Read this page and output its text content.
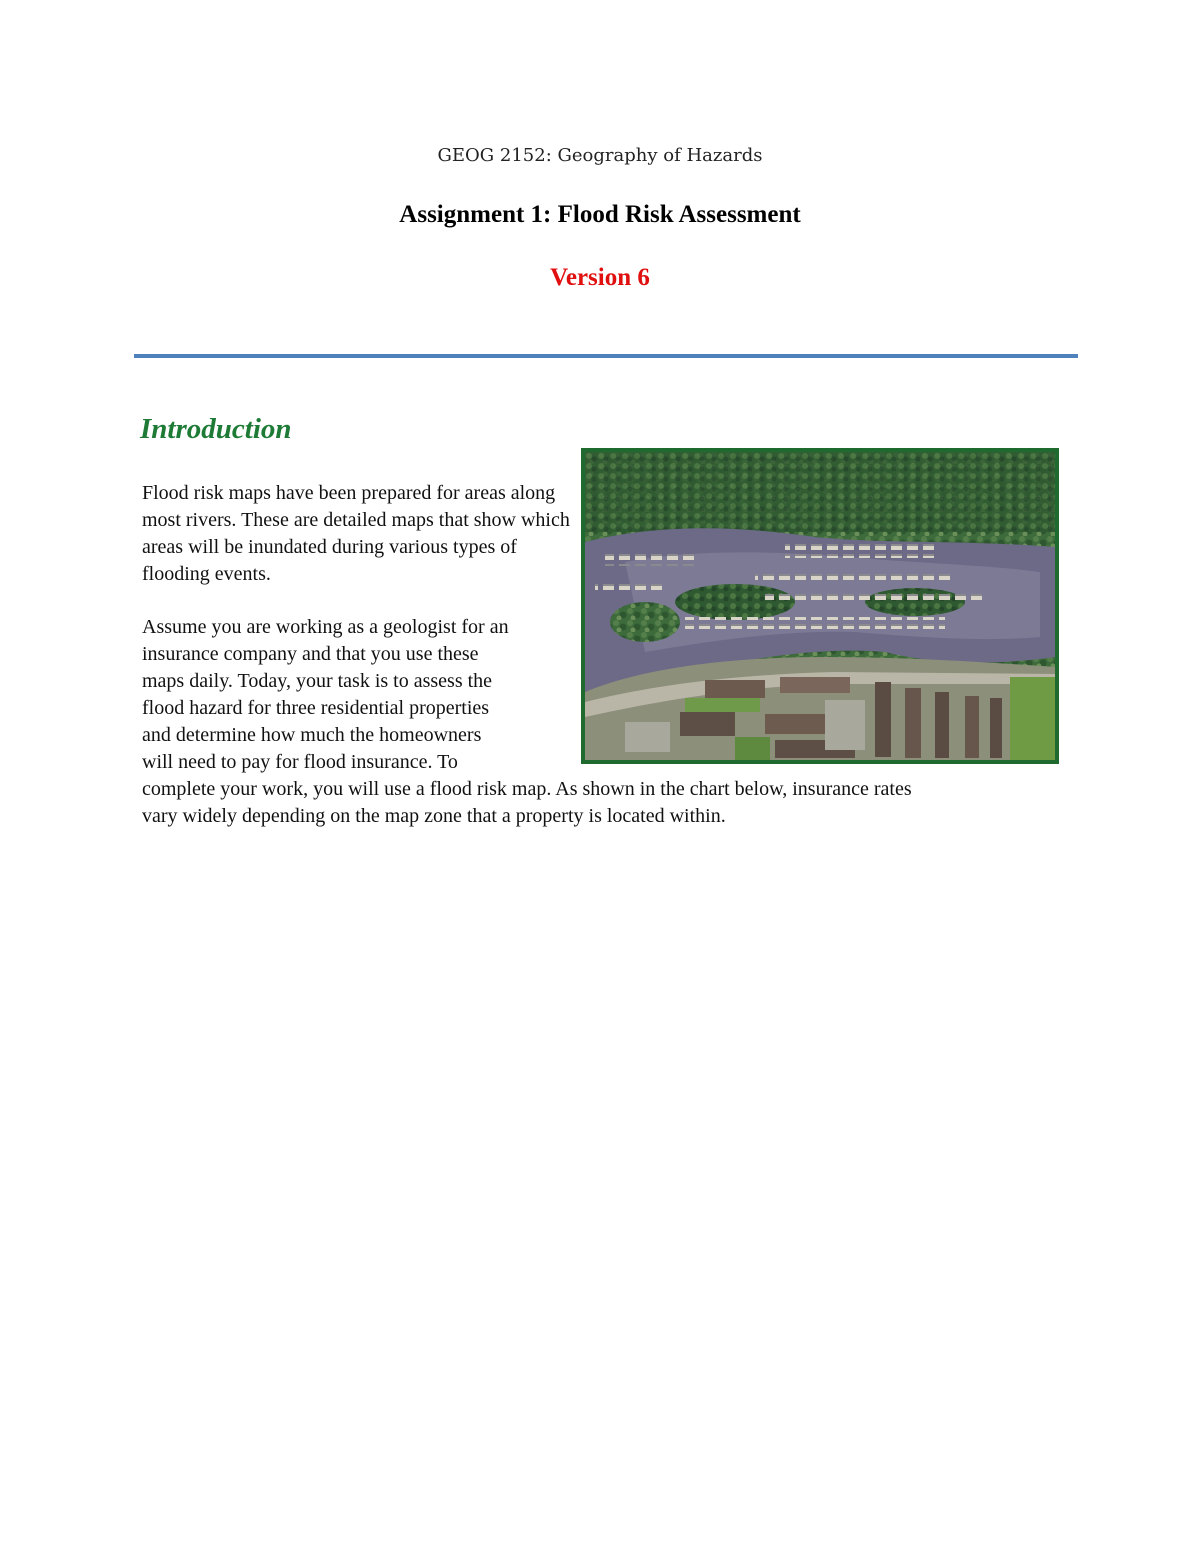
GEOG 2152: Geography of Hazards
Assignment 1: Flood Risk Assessment
Version 6
Introduction

Flood risk maps have been prepared for areas along most rivers. These are detailed maps that show which areas will be inundated during various types of flooding events.

Assume you are working as a geologist for an
insurance company and that you use these
maps daily. Today, your task is to assess the
flood hazard for three residential properties
and determine how much the homeowners
will need to pay for flood insurance. To
complete your work, you will use a flood risk map. As shown in the chart below, insurance rates
vary widely depending on the map zone that a property is located within.
